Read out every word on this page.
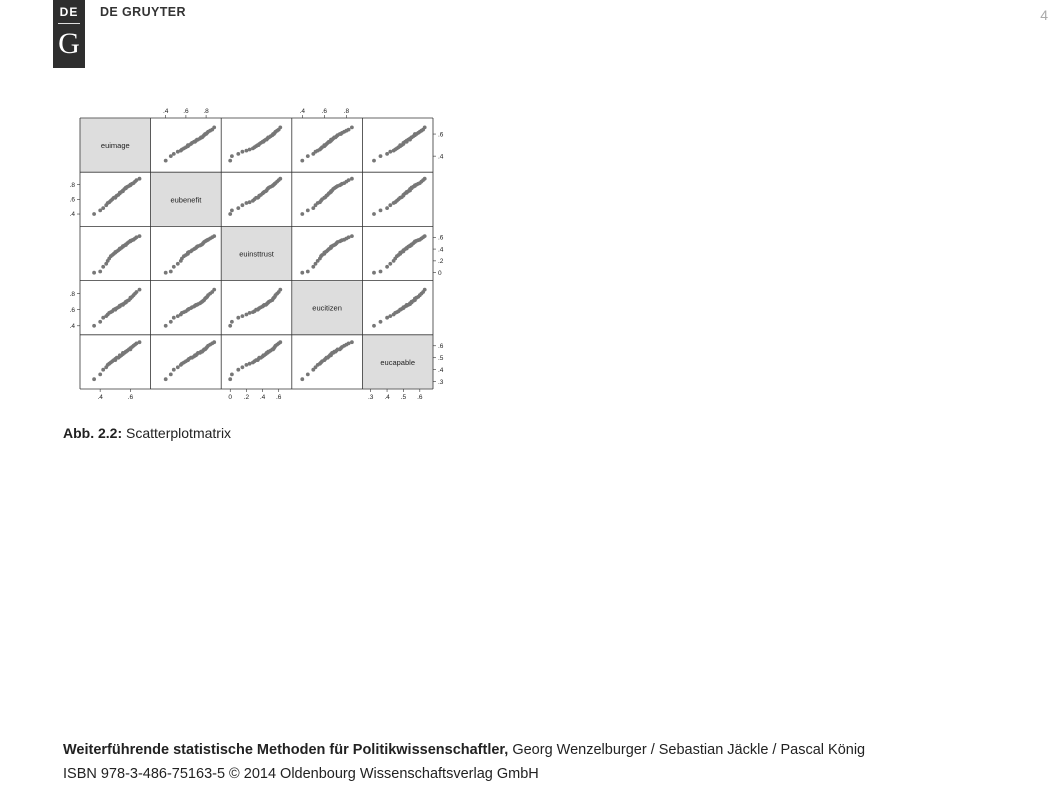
DE
G
DE GRUYTER	4
euimage
eubenefit
euinsttrust
eucitizen
eucapable
.4 .6 .8	.4	.6	.8
.4	.6	0 .2 .4 .6	.3 .4 .5 .6
.4
.6
.8
.4
.6
.8
.4
.6
0
.2
.4
.6
.3
.4
.5
.6
Abb. 2.2: Scatterplotmatrix
Weiterführende statistische Methoden für Politikwissenschaftler, Georg Wenzelburger / Sebastian Jäckle / Pascal König
ISBN 978-3-486-75163-5 © 2014 Oldenbourg Wissenschaftsverlag GmbH
